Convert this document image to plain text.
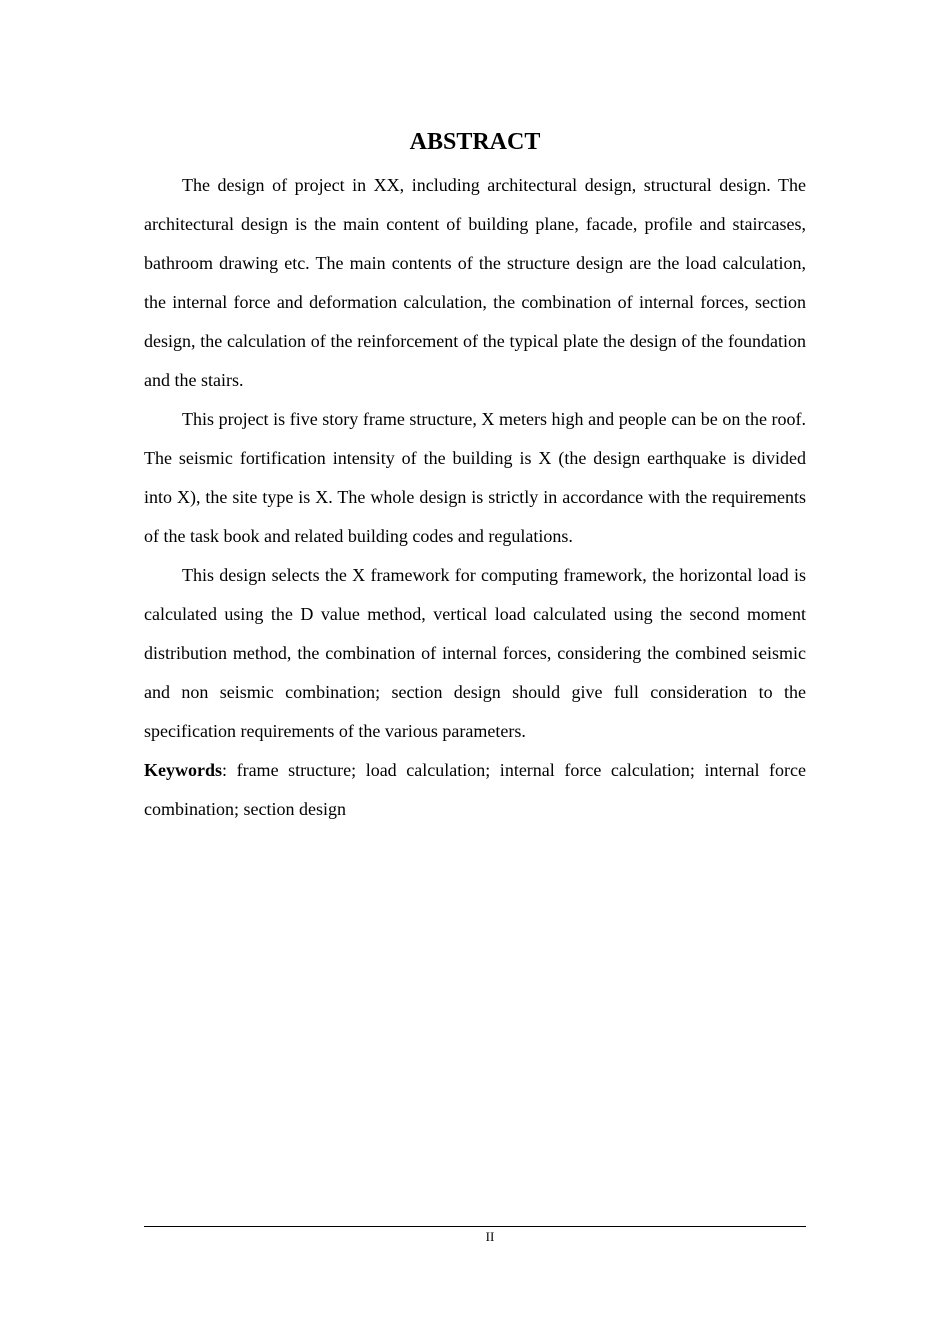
ABSTRACT

The design of project in XX, including architectural design, structural design. The architectural design is the main content of building plane, facade, profile and staircases, bathroom drawing etc. The main contents of the structure design are the load calculation, the internal force and deformation calculation, the combination of internal forces, section design, the calculation of the reinforcement of the typical plate the design of the foundation and the stairs.

This project is five story frame structure, X meters high and people can be on the roof. The seismic fortification intensity of the building is X (the design earthquake is divided into X), the site type is X. The whole design is strictly in accordance with the requirements of the task book and related building codes and regulations.

This design selects the X framework for computing framework, the horizontal load is calculated using the D value method, vertical load calculated using the second moment distribution method, the combination of internal forces, considering the combined seismic and non seismic combination; section design should give full consideration to the specification requirements of the various parameters.

Keywords: frame structure; load calculation; internal force calculation; internal force combination; section design

II
